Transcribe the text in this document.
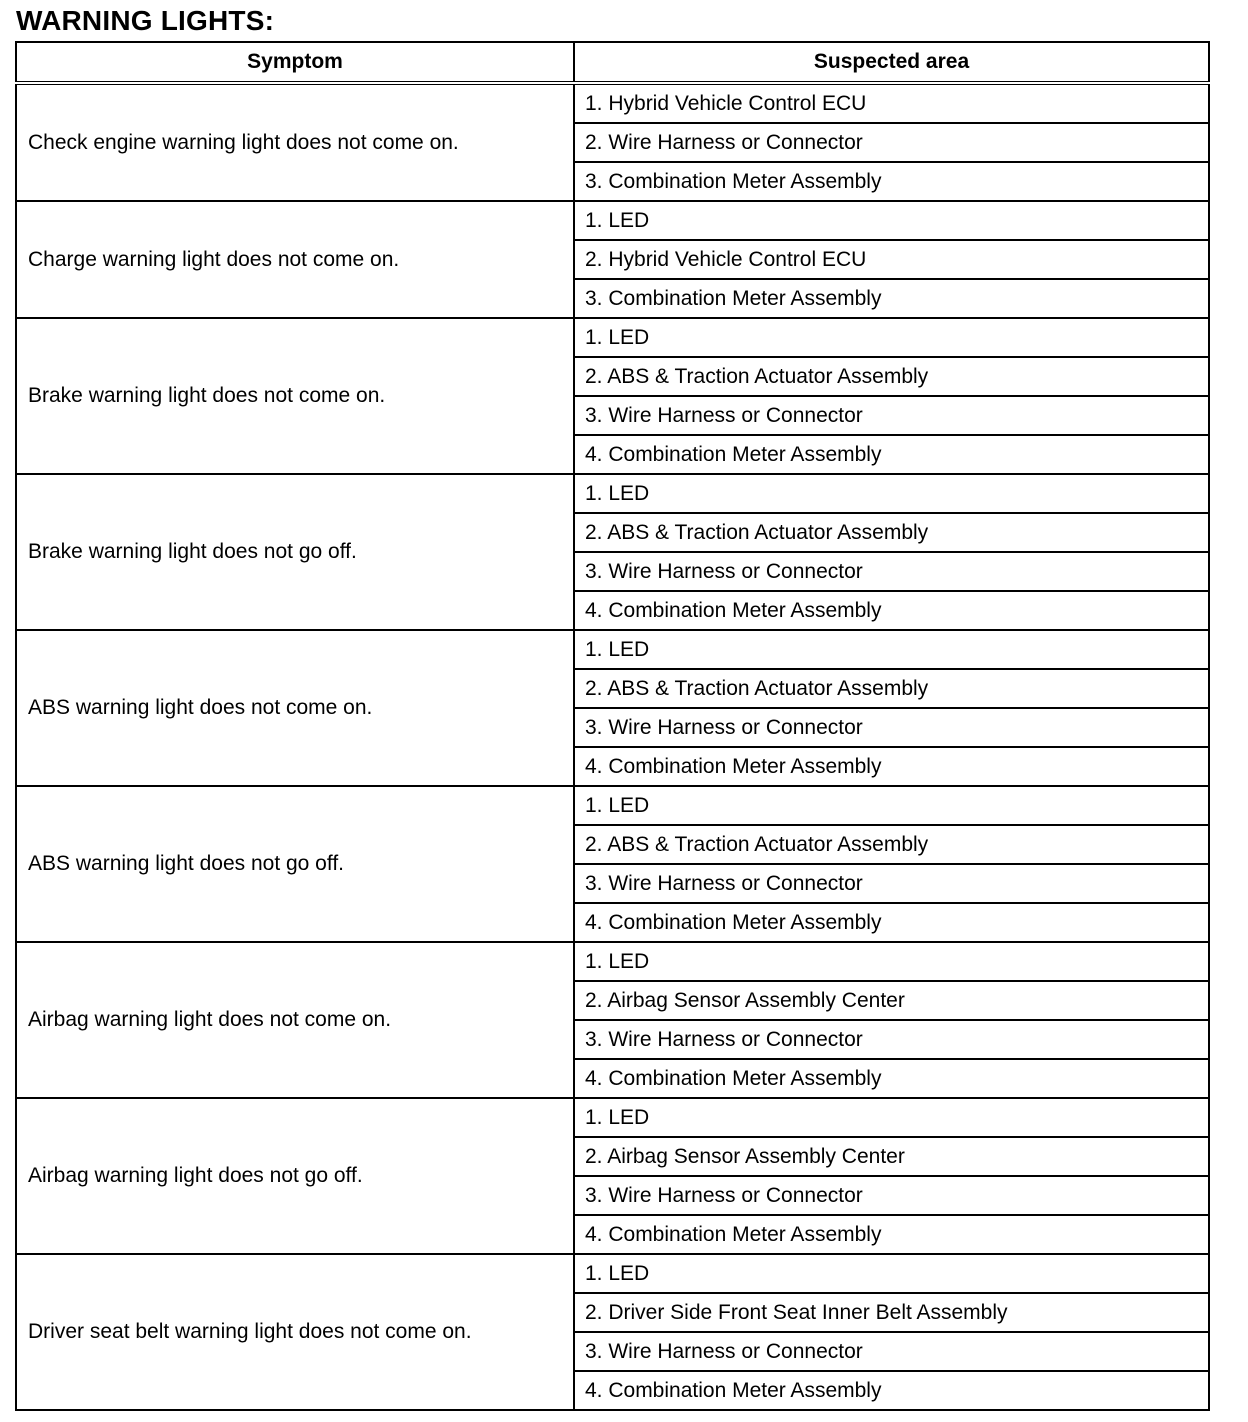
WARNING LIGHTS:
Symptom	Suspected area
Check engine warning light does not come on.	1. Hybrid Vehicle Control ECU
	2. Wire Harness or Connector
	3. Combination Meter Assembly
Charge warning light does not come on.	1. LED
	2. Hybrid Vehicle Control ECU
	3. Combination Meter Assembly
Brake warning light does not come on.	1. LED
	2. ABS & Traction Actuator Assembly
	3. Wire Harness or Connector
	4. Combination Meter Assembly
Brake warning light does not go off.	1. LED
	2. ABS & Traction Actuator Assembly
	3. Wire Harness or Connector
	4. Combination Meter Assembly
ABS warning light does not come on.	1. LED
	2. ABS & Traction Actuator Assembly
	3. Wire Harness or Connector
	4. Combination Meter Assembly
ABS warning light does not go off.	1. LED
	2. ABS & Traction Actuator Assembly
	3. Wire Harness or Connector
	4. Combination Meter Assembly
Airbag warning light does not come on.	1. LED
	2. Airbag Sensor Assembly Center
	3. Wire Harness or Connector
	4. Combination Meter Assembly
Airbag warning light does not go off.	1. LED
	2. Airbag Sensor Assembly Center
	3. Wire Harness or Connector
	4. Combination Meter Assembly
Driver seat belt warning light does not come on.	1. LED
	2. Driver Side Front Seat Inner Belt Assembly
	3. Wire Harness or Connector
	4. Combination Meter Assembly
